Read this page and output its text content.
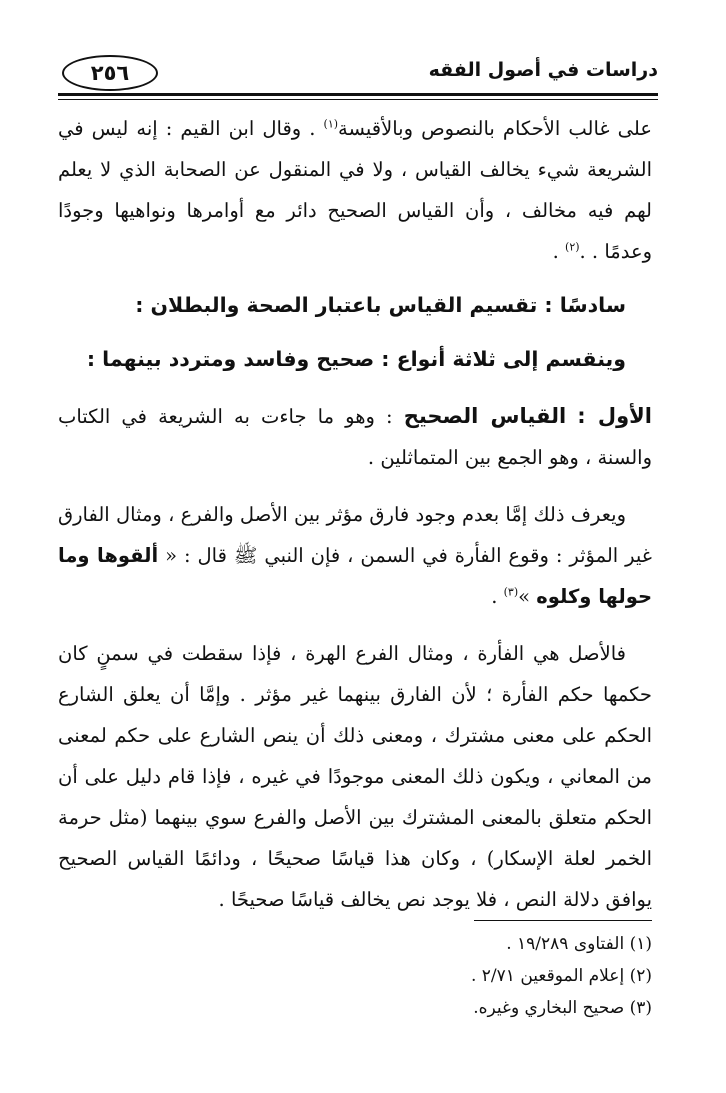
٢٥٦	دراسات في أصول الفقه

على غالب الأحكام بالنصوص وبالأقيسة$^{(١)}$ . وقال ابن القيم : إنه ليس في الشريعة شيء يخالف القياس ، ولا في المنقول عن الصحابة الذي لا يعلم لهم فيه مخالف ، وأن القياس الصحيح دائر مع أوامرها ونواهيها وجودًا وعدمًا . .$^{(٢)}$ .

سادسًا : تقسيم القياس باعتبار الصحة والبطلان :

وينقسم إلى ثلاثة أنواع : صحيح وفاسد ومتردد بينهما :

الأول : القياس الصحيح : وهو ما جاءت به الشريعة في الكتاب والسنة ، وهو الجمع بين المتماثلين .

ويعرف ذلك إمَّا بعدم وجود فارق مؤثر بين الأصل والفرع ، ومثال الفارق غير المؤثر : وقوع الفأرة في السمن ، فإن النبي ﷺ قال : « ألقوها وما حولها وكلوه »$^{(٣)}$ .

فالأصل هي الفأرة ، ومثال الفرع الهرة ، فإذا سقطت في سمنٍ كان حكمها حكم الفأرة ؛ لأن الفارق بينهما غير مؤثر . وإمَّا أن يعلق الشارع الحكم على معنى مشترك ، ومعنى ذلك أن ينص الشارع على حكم لمعنى من المعاني ، ويكون ذلك المعنى موجودًا في غيره ، فإذا قام دليل على أن الحكم متعلق بالمعنى المشترك بين الأصل والفرع سوي بينهما (مثل حرمة الخمر لعلة الإسكار) ، وكان هذا قياسًا صحيحًا ، ودائمًا القياس الصحيح يوافق دلالة النص ، فلا يوجد نص يخالف قياسًا صحيحًا .

(١) الفتاوى ١٩/٢٨٩ .

(٢) إعلام الموقعين ٢/٧١ .

(٣) صحيح البخاري وغيره.
